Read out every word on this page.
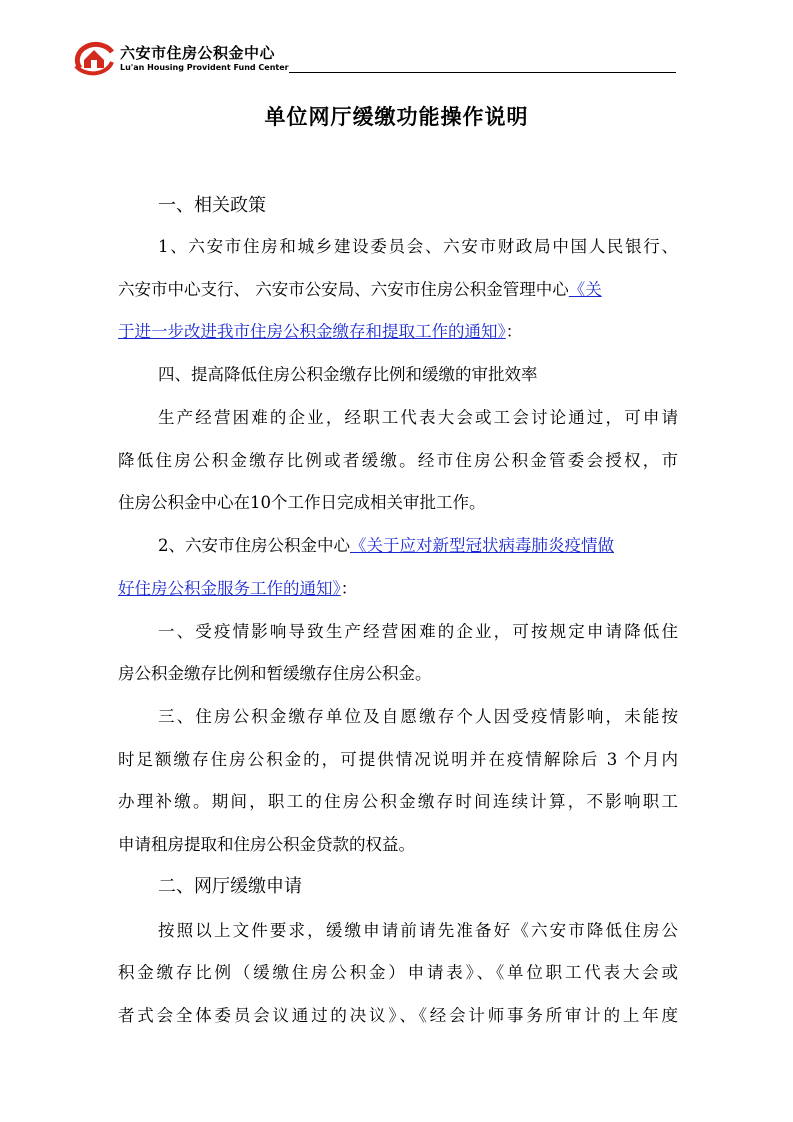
六安市住房公积金中心
Lu'an Housing Provident Fund Center
单位网厅缓缴功能操作说明
一、相关政策
1、六安市住房和城乡建设委员会、六安市财政局中国人民银行、
六安市中心支行、 六安市公安局、六安市住房公积金管理中心《关
于进一步改进我市住房公积金缴存和提取工作的通知》：
四、提高降低住房公积金缴存比例和缓缴的审批效率
生产经营困难的企业，经职工代表大会或工会讨论通过，可申请
降低住房公积金缴存比例或者缓缴。经市住房公积金管委会授权，市
住房公积金中心在10个工作日完成相关审批工作。
2、六安市住房公积金中心《关于应对新型冠状病毒肺炎疫情做
好住房公积金服务工作的通知》：
一、受疫情影响导致生产经营困难的企业，可按规定申请降低住
房公积金缴存比例和暂缓缴存住房公积金。
三、住房公积金缴存单位及自愿缴存个人因受疫情影响，未能按
时足额缴存住房公积金的，可提供情况说明并在疫情解除后 3 个月内
办理补缴。期间，职工的住房公积金缴存时间连续计算，不影响职工
申请租房提取和住房公积金贷款的权益。
二、网厅缓缴申请
按照以上文件要求，缓缴申请前请先准备好《六安市降低住房公
积金缴存比例（缓缴住房公积金）申请表》、《单位职工代表大会或
者式会全体委员会议通过的决议》、《经会计师事务所审计的上年度
